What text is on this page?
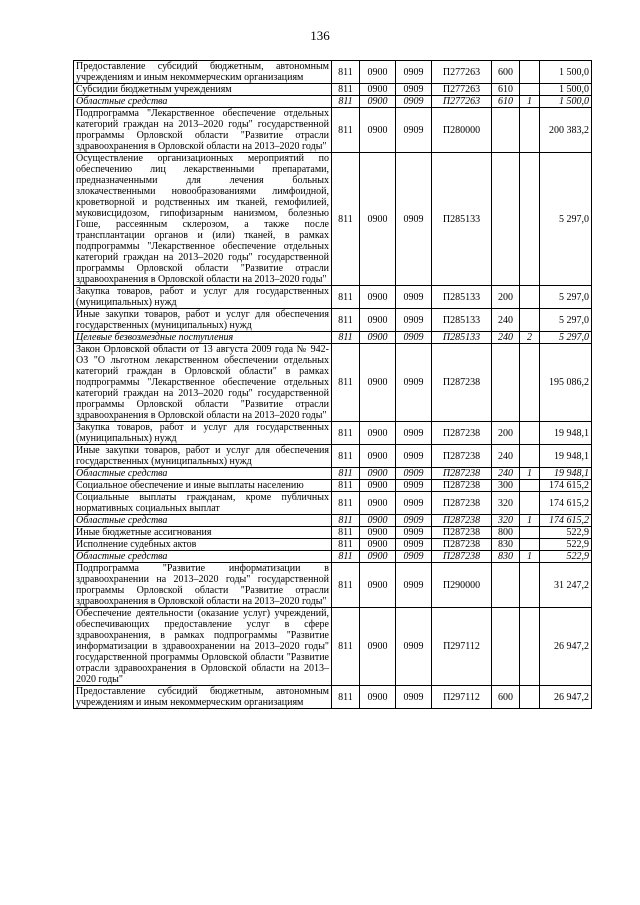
136
Предоставление субсидий бюджетным, автономным учреждениям и иным некоммерческим организациям	811	0900	0909	П277263	600		1 500,0
Субсидии бюджетным учреждениям	811	0900	0909	П277263	610		1 500,0
Областные средства	811	0900	0909	П277263	610	1	1 500,0
Подпрограмма "Лекарственное обеспечение отдельных категорий граждан на 2013–2020 годы" государственной программы Орловской области "Развитие отрасли здравоохранения в Орловской области на 2013–2020 годы"	811	0900	0909	П280000			200 383,2
Осуществление организационных мероприятий по обеспечению лиц лекарственными препаратами, предназначенными для лечения больных злокачественными новообразованиями лимфоидной, кроветворной и родственных им тканей, гемофилией, муковисцидозом, гипофизарным нанизмом, болезнью Гоше, рассеянным склерозом, а также после трансплантации органов и (или) тканей, в рамках подпрограммы "Лекарственное обеспечение отдельных категорий граждан на 2013–2020 годы" государственной программы Орловской области "Развитие отрасли здравоохранения в Орловской области на 2013–2020 годы"	811	0900	0909	П285133			5 297,0
Закупка товаров, работ и услуг для государственных (муниципальных) нужд	811	0900	0909	П285133	200		5 297,0
Иные закупки товаров, работ и услуг для обеспечения государственных (муниципальных) нужд	811	0900	0909	П285133	240		5 297,0
Целевые безвозмездные поступления	811	0900	0909	П285133	240	2	5 297,0
Закон Орловской области от 13 августа 2009 года № 942-ОЗ "О льготном лекарственном обеспечении отдельных категорий граждан в Орловской области" в рамках подпрограммы "Лекарственное обеспечение отдельных категорий граждан на 2013–2020 годы" государственной программы Орловской области "Развитие отрасли здравоохранения в Орловской области на 2013–2020 годы"	811	0900	0909	П287238			195 086,2
Закупка товаров, работ и услуг для государственных (муниципальных) нужд	811	0900	0909	П287238	200		19 948,1
Иные закупки товаров, работ и услуг для обеспечения государственных (муниципальных) нужд	811	0900	0909	П287238	240		19 948,1
Областные средства	811	0900	0909	П287238	240	1	19 948,1
Социальное обеспечение и иные выплаты населению	811	0900	0909	П287238	300		174 615,2
Социальные выплаты гражданам, кроме публичных нормативных социальных выплат	811	0900	0909	П287238	320		174 615,2
Областные средства	811	0900	0909	П287238	320	1	174 615,2
Иные бюджетные ассигнования	811	0900	0909	П287238	800		522,9
Исполнение судебных актов	811	0900	0909	П287238	830		522,9
Областные средства	811	0900	0909	П287238	830	1	522,9
Подпрограмма "Развитие информатизации в здравоохранении на 2013–2020 годы" государственной программы Орловской области "Развитие отрасли здравоохранения в Орловской области на 2013–2020 годы"	811	0900	0909	П290000			31 247,2
Обеспечение деятельности (оказание услуг) учреждений, обеспечивающих предоставление услуг в сфере здравоохранения, в рамках подпрограммы "Развитие информатизации в здравоохранении на 2013–2020 годы" государственной программы Орловской области "Развитие отрасли здравоохранения в Орловской области на 2013–2020 годы"	811	0900	0909	П297112			26 947,2
Предоставление субсидий бюджетным, автономным учреждениям и иным некоммерческим организациям	811	0900	0909	П297112	600		26 947,2
